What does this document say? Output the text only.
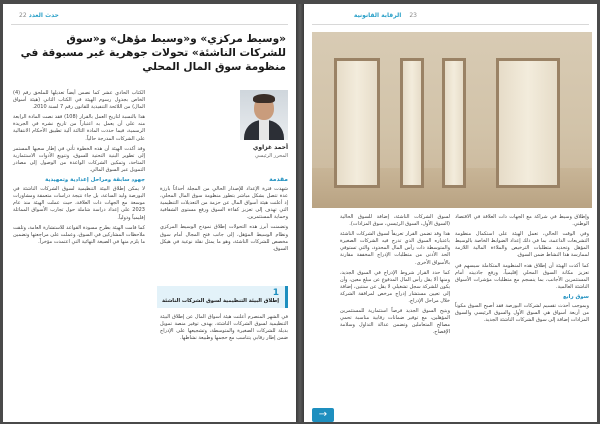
حدث العدد 22
«وسيط مركزي» و«وسيط مؤهل» و«سوق للشركات الناشئة» تحولات جوهرية غير مسبوقة في منظومة سوق المال المحلي
أحمد غزاوي
المحرر الرئيسي
مقدمة

شهدت فترة الإعداد للإصدار الحالي من المجلة أحداثاً بارزة عدة تتصل بشكل مباشر بتطور منظومة سوق المال المحلي، إذ أعلنت هيئة أسواق المال عن حزمة من التعديلات التنظيمية التي تهدف إلى تعزيز كفاءة السوق ورفع مستوى الشفافية وحماية المستثمرين.

وتضمنت أبرز هذه التحولات إطلاق نموذج الوسيط المركزي ونظام الوسيط المؤهل، إلى جانب فتح المجال أمام سوق مخصص للشركات الناشئة، وهو ما يمثل نقلة نوعية في هيكل السوق.

1
إطلاق البيئة التنظيمية لسوق الشركات الناشئة

في الشهر المنصرم أعلنت هيئة أسواق المال عن إطلاق البيئة التنظيمية لسوق الشركات الناشئة، بهدف توفير منصة تمويل بديلة للشركات الصغيرة والمتوسطة، وتشجيعها على الإدراج ضمن إطار رقابي يتناسب مع حجمها وطبيعة نشاطها.

الكتاب الحادي عشر كما نصس أيضاً تعديلها للملحق رقم (4) الخاص بجدول رسوم الهيئة في الكتاب الثاني (هيئة أسواق المال) من اللائحة التنفيذية للقانون رقم 7 لسنة 2010.

هذا بالنسبة لتاريخ العمل بالقرار (108) فقد نصت المادة الرابعة منه على أن يعمل به اعتباراً من تاريخ نشره في الجريدة الرسمية، فيما حددت المادة الثالثة آلية تطبيق الأحكام الانتقالية على الشركات المدرجة حالياً.

وقد أكدت الهيئة أن هذه الخطوة تأتي في إطار سعيها المستمر إلى تطوير البنية التحتية للسوق، وتنويع الأدوات الاستثمارية المتاحة، وتمكين الشركات الواعدة من الوصول إلى مصادر التمويل عبر السوق المالي.

جهود سابقة ومراحل إعدادية وتمهيدية

لا يمكن إطلاق البيئة التنظيمية لسوق الشركات الناشئة في البورصة وليد الساعة، بل جاء نتيجة دراسات متعمقة ومشاورات موسعة مع الجهات ذات العلاقة، حيث عملت الهيئة منذ عام 2023 على إعداد دراسة شاملة حول تجارب الأسواق المماثلة إقليمياً ودولياً.

كما قامت الهيئة بطرح مسودة القواعد للاستشارة العامة، وتلقت ملاحظات المشاركين في السوق، وعملت على مراجعتها وتضمين ما يلزم منها في الصيغة النهائية التي اعتمدت مؤخراً.

23 الرقابة القانونية

وإطلاق وسيط في شراكة مع الجهات ذات العلاقة في الاقتصاد الوطني.

وفي الوقت الحالي، تعمل الهيئة على استكمال منظومة التشريعات الداعمة، بما في ذلك إعداد الضوابط الخاصة بالوسيط المؤهل وتحديد متطلبات الترخيص والملاءة المالية اللازمة لممارسة هذا النشاط ضمن السوق.

كما أكدت الهيئة أن إطلاق هذه المنظومة المتكاملة سيسهم في تعزيز مكانة السوق المحلي إقليمياً، ورفع جاذبيته أمام المستثمرين الأجانب، بما ينسجم مع متطلبات مؤشرات الأسواق الناشئة العالمية.

سوق رابع

وبموجب أحدث تقسيم لشركات البورصة فقد أصبح السوق مكوناً من أربعة أسواق هي السوق الأول والسوق الرئيسي والسوق المزادات إضافة إلى سوق الشركات الناشئة الجديد.

لسوق الشركات الناشئة، إضافة للسوق الحالية (السوق الأول، السوق الرئيسي، سوق المزادات).

هذا وقد تضمن القرار تعريفاً لسوق الشركات الناشئة باعتباره السوق الذي تدرج فيه الشركات الصغيرة والمتوسطة ذات رأس المال المحدود، والتي تستوفي الحد الأدنى من متطلبات الإدراج المخففة مقارنة بالأسواق الأخرى.

كما حدد القرار شروط الإدراج في السوق الجديد، ومنها ألا يقل رأس المال المدفوع عن مبلغ معين، وأن يكون للشركة سجل تشغيلي لا يقل عن سنتين، إضافة إلى تعيين مستشار إدراج مرخص لمرافقة الشركة خلال مراحل الإدراج.

ويتيح السوق الجديد فرصاً استثمارية للمستثمرين المؤهلين، مع توفير ضمانات رقابية مناسبة تحمي مصالح المتعاملين وتضمن عدالة التداول وسلامة الإفصاح.

→
